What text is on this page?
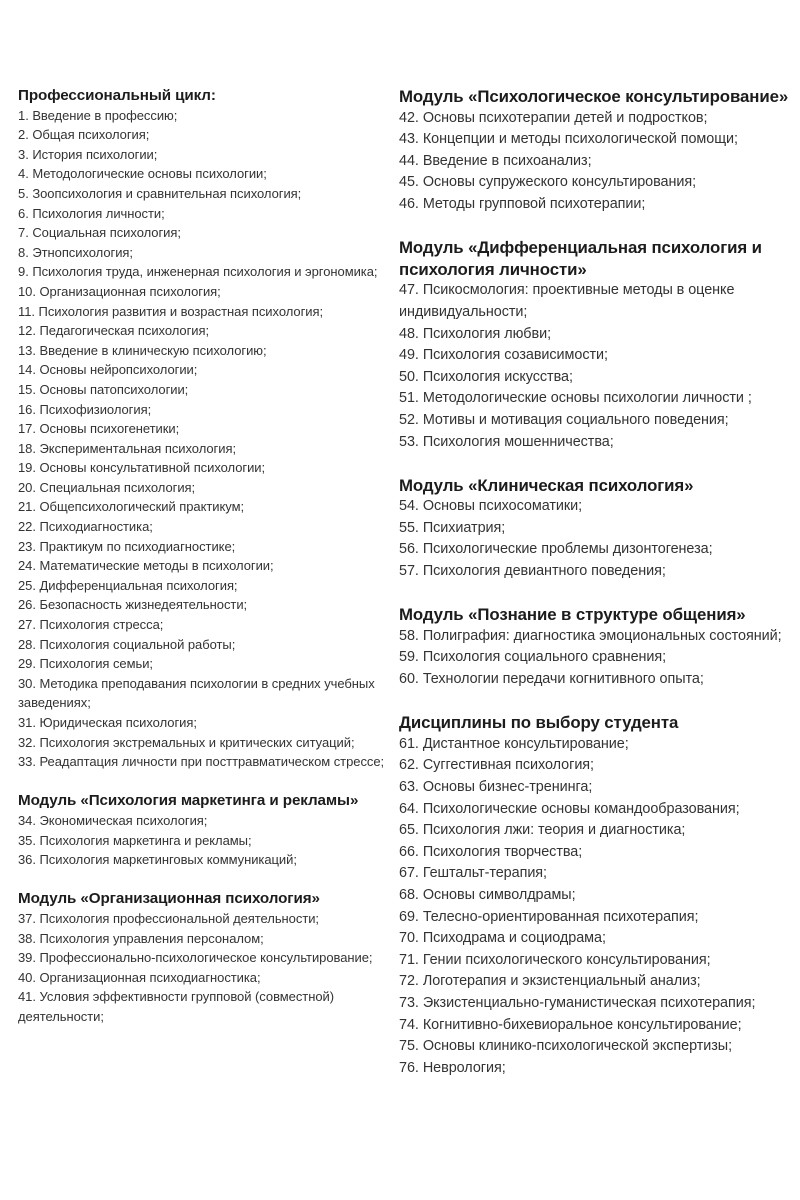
Профессиональный цикл:
1 . Введение в профессию;
2 . Общая психология;
3 . История психологии;
4 . Методологические основы психологии;
5 . Зоопсихология и сравнительная психология;
6 . Психология личности;
7 . Социальная психология;
8 . Этнопсихология;
9 . Психология труда, инженерная психология и эргономика;
10 . Организационная психология;
11 . Психология развития и возрастная психология;
12 . Педагогическая психология;
13 . Введение в клиническую психологию;
14 . Основы нейропсихологии;
15 . Основы патопсихологии;
16 . Психофизиология;
17 . Основы психогенетики;
18 . Экспериментальная психология;
19 . Основы консультативной психологии;
20 . Специальная психология;
21 . Общепсихологический практикум;
22 . Психодиагностика;
23 . Практикум по психодиагностике;
24 . Математические методы в психологии;
25 . Дифференциальная психология;
26 . Безопасность жизнедеятельности;
27 . Психология стресса;
28 . Психология социальной работы;
29 . Психология семьи;
30 . Методика преподавания психологии в средних учебных заведениях;
31 . Юридическая психология;
32 . Психология экстремальных и критических ситуаций;
33 . Реадаптация личности при посттравматическом стрессе;
Модуль «Психология маркетинга и рекламы»
34 . Экономическая психология;
35 . Психология маркетинга и рекламы;
36 . Психология маркетинговых коммуникаций;
Модуль «Организационная психология»
37 . Психология профессиональной деятельности;
38 . Психология управления персоналом;
39 . Профессионально-психологическое консультирование;
40 . Организационная психодиагностика;
41 . Условия эффективности групповой (совместной) деятельности;
Модуль «Психологическое консультирование»
42 . Основы психотерапии детей и подростков;
43 . Концепции и методы психологической помощи;
44 . Введение в психоанализ;
45 . Основы супружеского консультирования;
46 . Методы групповой психотерапии;
Модуль «Дифференциальная психология и психология личности»
47 . Псикосмология: проективные методы в оценке индивидуальности;
48 . Психология любви;
49 . Психология созависимости;
50 . Психология искусства;
51 . Методологические основы психологии личности ;
52 . Мотивы и мотивация социального поведения;
53 . Психология мошенничества;
Модуль «Клиническая психология»
54 . Основы психосоматики;
55 . Психиатрия;
56 . Психологические проблемы дизонтогенеза;
57 . Психология девиантного поведения;
Модуль «Познание в структуре общения»
58 . Полиграфия: диагностика эмоциональных состояний;
59 . Психология социального сравнения;
60 . Технологии передачи когнитивного опыта;
Дисциплины по выбору студента
61 . Дистантное консультирование;
62 . Суггестивная психология;
63 . Основы бизнес-тренинга;
64 . Психологические основы командообразования;
65 . Психология лжи: теория и диагностика;
66 . Психология творчества;
67 . Гештальт-терапия;
68 . Основы символдрамы;
69 . Телесно-ориентированная психотерапия;
70 . Психодрама и социодрама;
71 . Гении психологического консультирования;
72 . Логотерапия и экзистенциальный анализ;
73 . Экзистенциально-гуманистическая психотерапия;
74 . Когнитивно-бихевиоральное консультирование;
75 . Основы клинико-психологической экспертизы;
76 . Неврология;
